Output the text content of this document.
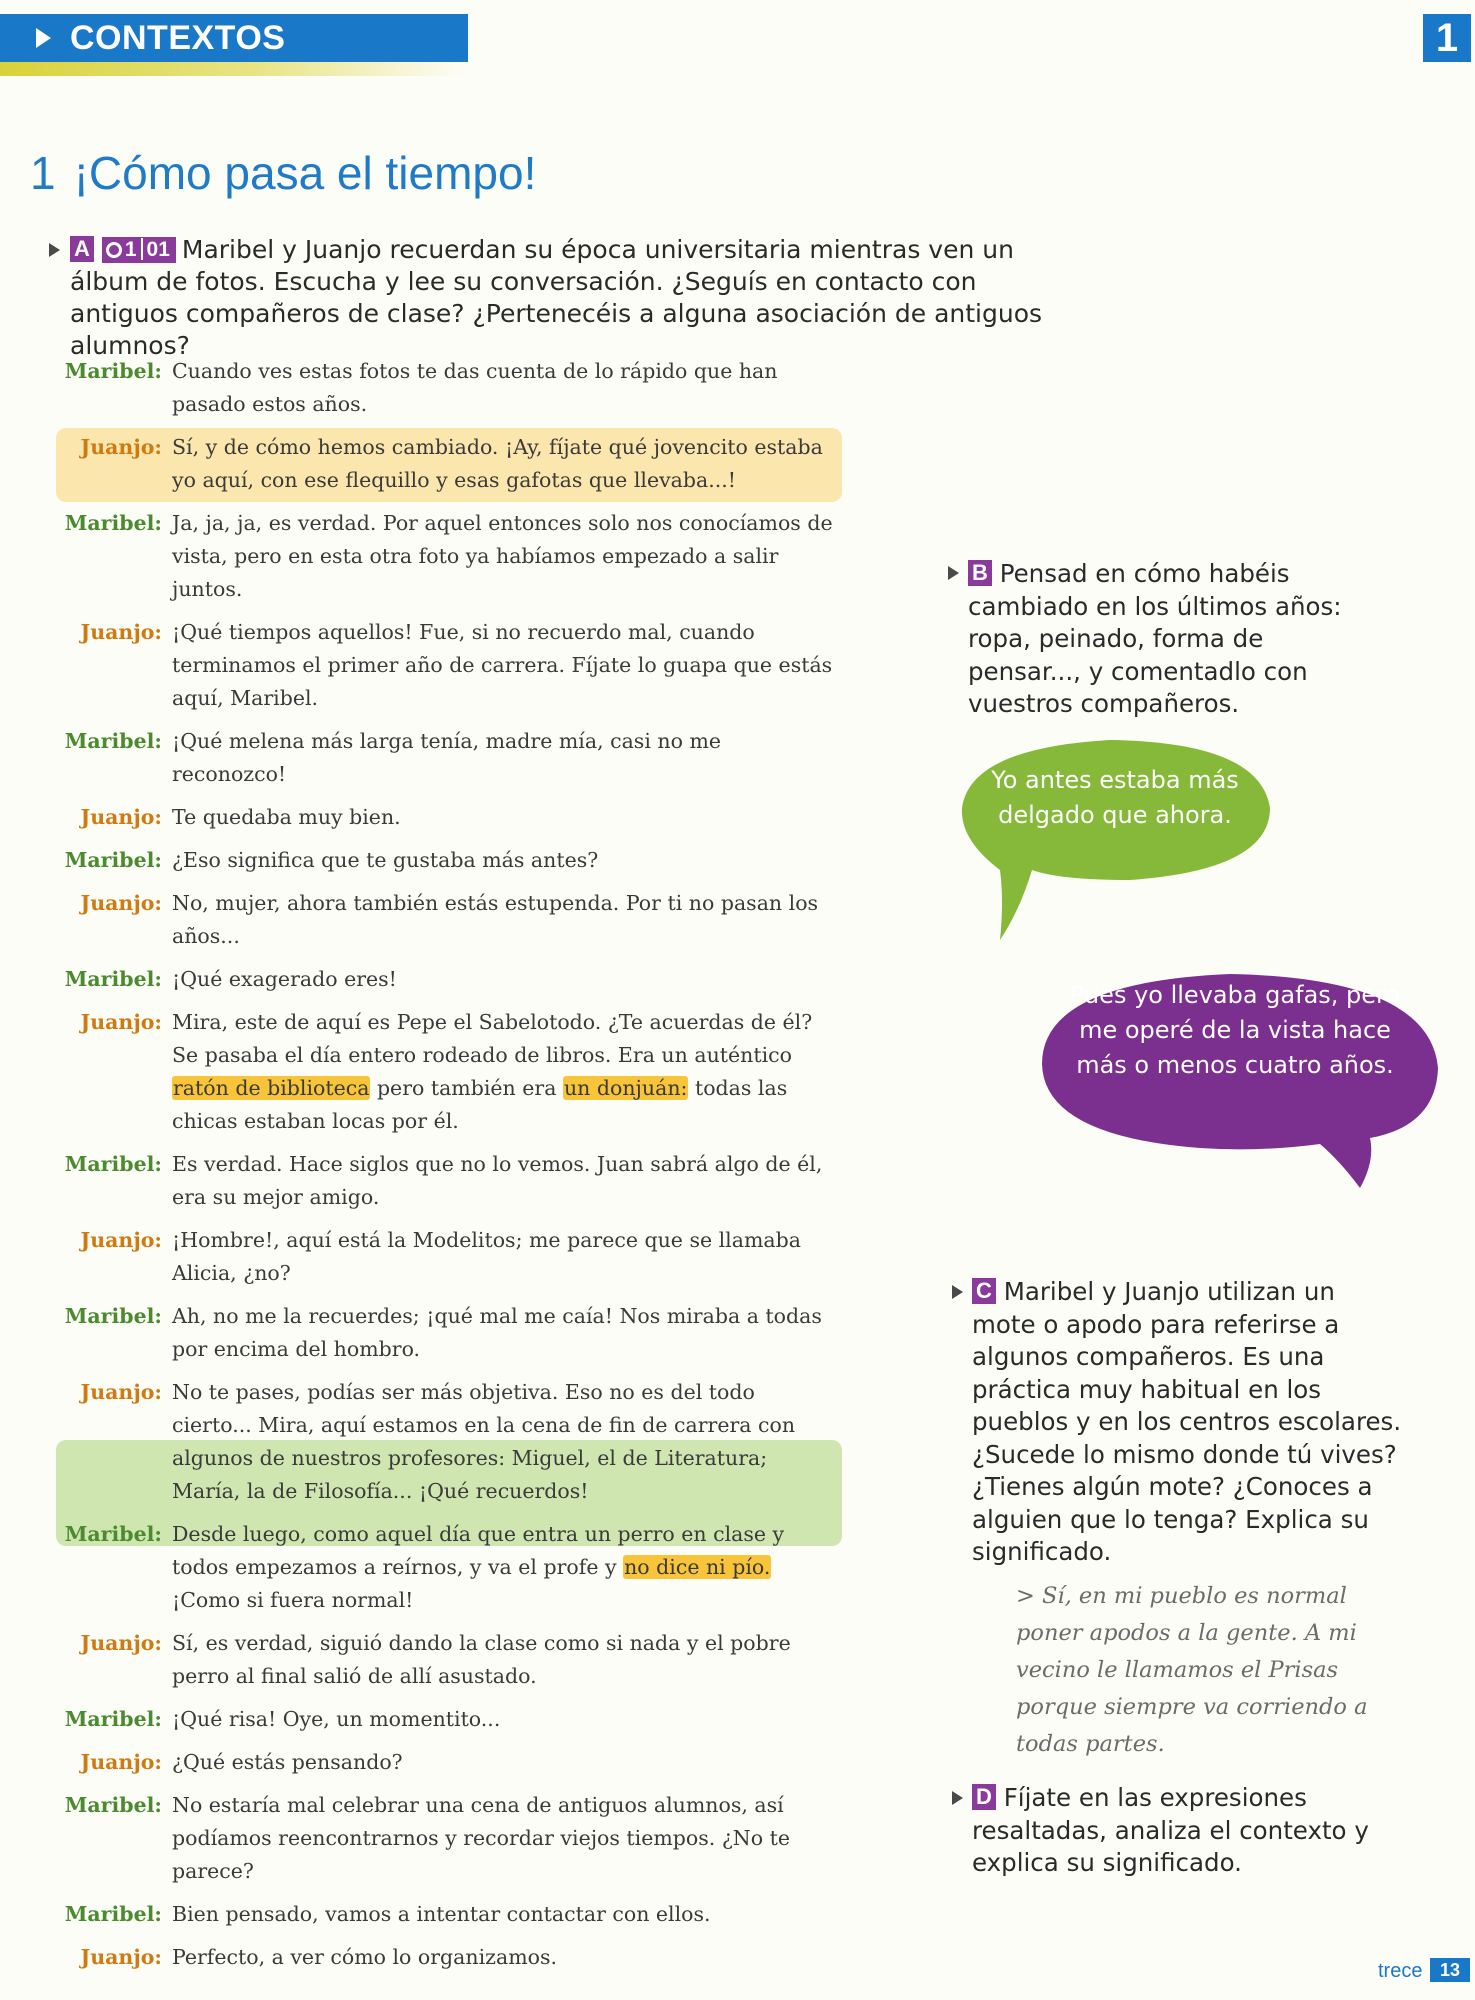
CONTEXTOS	1
1 ¡Cómo pasa el tiempo!
A 1 01 Maribel y Juanjo recuerdan su época universitaria mientras ven un álbum de fotos. Escucha y lee su conversación. ¿Seguís en contacto con antiguos compañeros de clase? ¿Pertenecéis a alguna asociación de antiguos alumnos?

Maribel: Cuando ves estas fotos te das cuenta de lo rápido que han pasado estos años.

Juanjo: Sí, y de cómo hemos cambiado. ¡Ay, fíjate qué jovencito estaba yo aquí, con ese flequillo y esas gafotas que llevaba...!

Maribel: Ja, ja, ja, es verdad. Por aquel entonces solo nos conocíamos de vista, pero en esta otra foto ya habíamos empezado a salir juntos.

Juanjo: ¡Qué tiempos aquellos! Fue, si no recuerdo mal, cuando terminamos el primer año de carrera. Fíjate lo guapa que estás aquí, Maribel.

Maribel: ¡Qué melena más larga tenía, madre mía, casi no me reconozco!

Juanjo: Te quedaba muy bien.

Maribel: ¿Eso significa que te gustaba más antes?

Juanjo: No, mujer, ahora también estás estupenda. Por ti no pasan los años...

Maribel: ¡Qué exagerado eres!

Juanjo: Mira, este de aquí es Pepe el Sabelotodo. ¿Te acuerdas de él? Se pasaba el día entero rodeado de libros. Era un auténtico ratón de biblioteca pero también era un donjuán: todas las chicas estaban locas por él.

Maribel: Es verdad. Hace siglos que no lo vemos. Juan sabrá algo de él, era su mejor amigo.

Juanjo: ¡Hombre!, aquí está la Modelitos; me parece que se llamaba Alicia, ¿no?

Maribel: Ah, no me la recuerdes; ¡qué mal me caía! Nos miraba a todas por encima del hombro.

Juanjo: No te pases, podías ser más objetiva. Eso no es del todo cierto... Mira, aquí estamos en la cena de fin de carrera con algunos de nuestros profesores: Miguel, el de Literatura; María, la de Filosofía... ¡Qué recuerdos!

Maribel: Desde luego, como aquel día que entra un perro en clase y todos empezamos a reírnos, y va el profe y no dice ni pío. ¡Como si fuera normal!

Juanjo: Sí, es verdad, siguió dando la clase como si nada y el pobre perro al final salió de allí asustado.

Maribel: ¡Qué risa! Oye, un momentito...

Juanjo: ¿Qué estás pensando?

Maribel: No estaría mal celebrar una cena de antiguos alumnos, así podíamos reencontrarnos y recordar viejos tiempos. ¿No te parece?

Maribel: Bien pensado, vamos a intentar contactar con ellos.

Juanjo: Perfecto, a ver cómo lo organizamos.

B Pensad en cómo habéis cambiado en los últimos años: ropa, peinado, forma de pensar..., y comentadlo con vuestros compañeros.
Yo antes estaba más delgado que ahora.
Pues yo llevaba gafas, pero me operé de la vista hace más o menos cuatro años.
C Maribel y Juanjo utilizan un mote o apodo para referirse a algunos compañeros. Es una práctica muy habitual en los pueblos y en los centros escolares. ¿Sucede lo mismo donde tú vives? ¿Tienes algún mote? ¿Conoces a alguien que lo tenga? Explica su significado.
> Sí, en mi pueblo es normal poner apodos a la gente. A mi vecino le llamamos el Prisas porque siempre va corriendo a todas partes.
D Fíjate en las expresiones resaltadas, analiza el contexto y explica su significado.
trece 13
